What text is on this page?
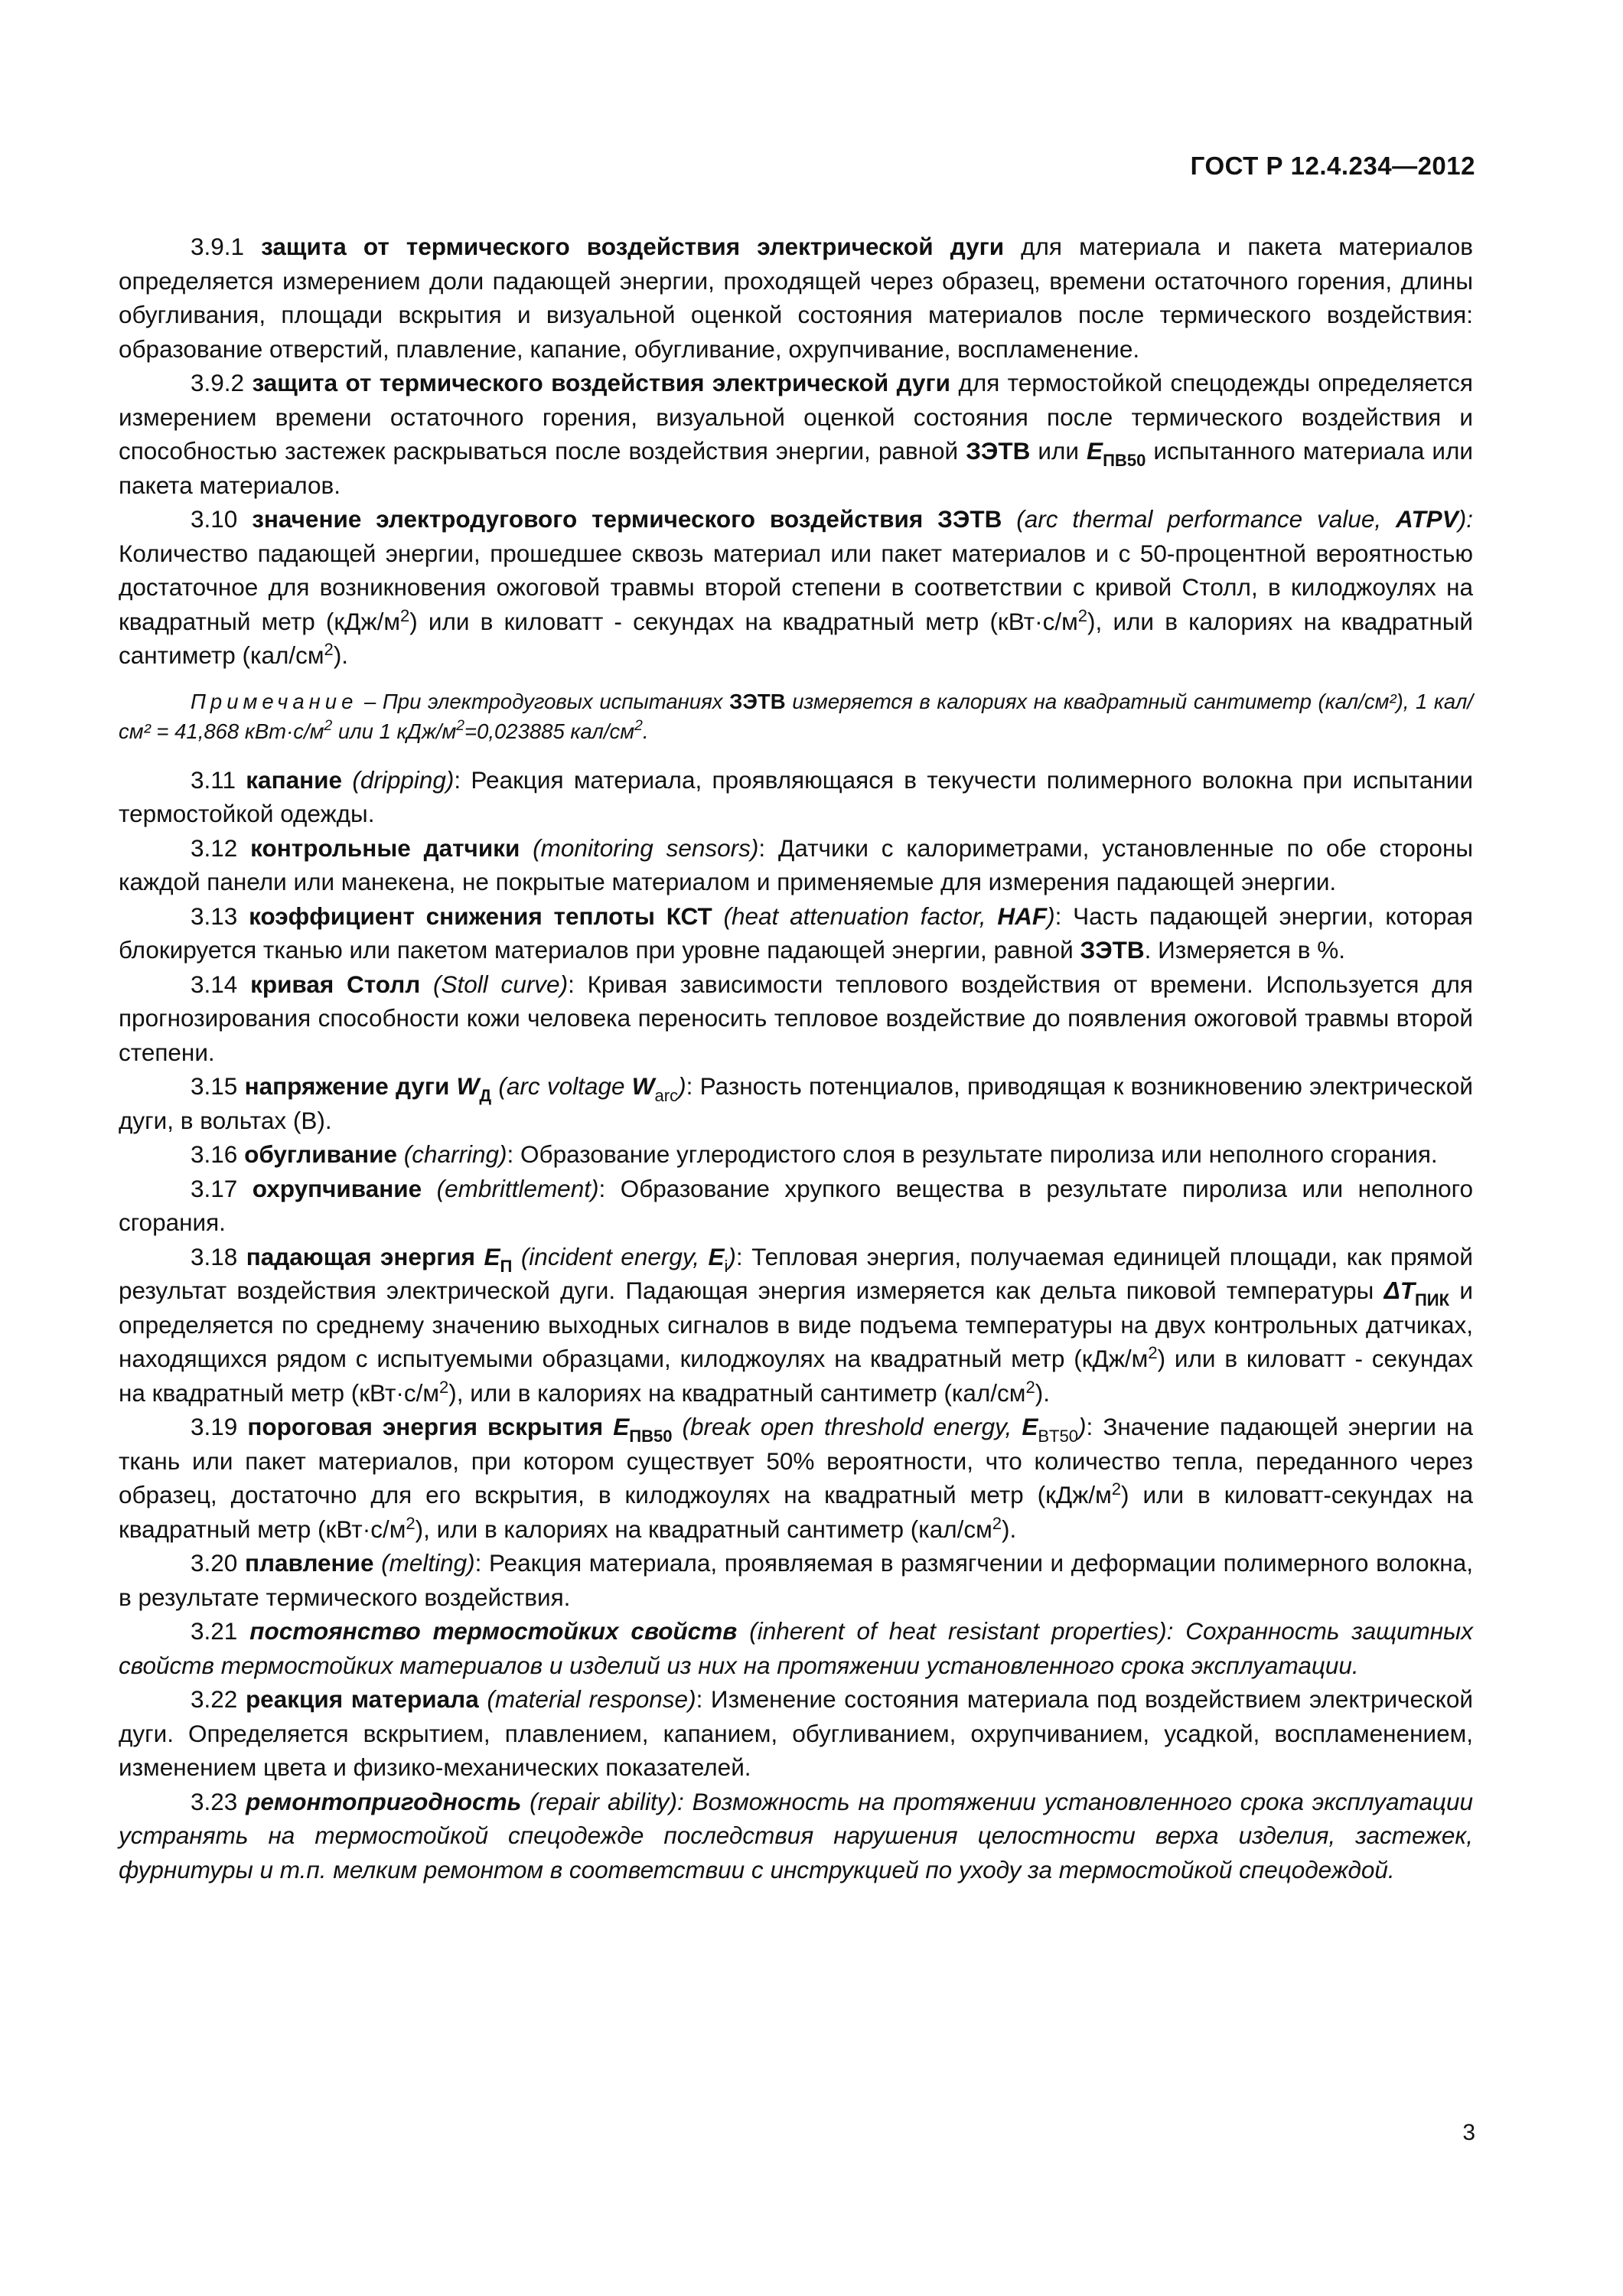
ГОСТ Р 12.4.234—2012

3.9.1 защита от термического воздействия электрической дуги для материала и пакета материалов определяется измерением доли падающей энергии, проходящей через образец, времени остаточного горения, длины обугливания, площади вскрытия и визуальной оценкой состояния материалов после термического воздействия: образование отверстий, плавление, капание, обугливание, охрупчивание, воспламенение.

3.9.2 защита от термического воздействия электрической дуги для термостойкой спецодежды определяется измерением времени остаточного горения, визуальной оценкой состояния после термического воздействия и способностью застежек раскрываться после воздействия энергии, равной ЗЭТВ или $E_{ПВ50}$ испытанного материала или пакета материалов.

3.10 значение электродугового термического воздействия ЗЭТВ (arc thermal performance value, ATPV): Количество падающей энергии, прошедшее сквозь материал или пакет материалов и с 50-процентной вероятностью достаточное для возникновения ожоговой травмы второй степени в соответствии с кривой Столл, в килоджоулях на квадратный метр $(кДж/м^2)$ или в киловатт - секундах на квадратный метр $(кВт\cdot с/м^2)$, или в калориях на квадратный сантиметр $(кал/см^2)$.

Примечание – При электродуговых испытаниях ЗЭТВ измеряется в калориях на квадратный сантиметр (кал/см²), 1 кал/см² = 41,868 $кВт\cdot с/м^2$ или 1 кДж/$м^2=0,023885$ кал/$см^2$.

3.11 капание (dripping): Реакция материала, проявляющаяся в текучести полимерного волокна при испытании термостойкой одежды.

3.12 контрольные датчики (monitoring sensors): Датчики с калориметрами, установленные по обе стороны каждой панели или манекена, не покрытые материалом и применяемые для измерения падающей энергии.

3.13 коэффициент снижения теплоты КСТ (heat attenuation factor, HAF): Часть падающей энергии, которая блокируется тканью или пакетом материалов при уровне падающей энергии, равной ЗЭТВ. Измеряется в %.

3.14 кривая Столл (Stoll curve): Кривая зависимости теплового воздействия от времени. Используется для прогнозирования способности кожи человека переносить тепловое воздействие до появления ожоговой травмы второй степени.

3.15 напряжение дуги $W_Д$ (arc voltage $W_{arc}$): Разность потенциалов, приводящая к возникновению электрической дуги, в вольтах (В).

3.16 обугливание (charring): Образование углеродистого слоя в результате пиролиза или неполного сгорания.

3.17 охрупчивание (embrittlement): Образование хрупкого вещества в результате пиролиза или неполного сгорания.

3.18 падающая энергия $E_П$ (incident energy, $E_i$): Тепловая энергия, получаемая единицей площади, как прямой результат воздействия электрической дуги. Падающая энергия измеряется как дельта пиковой температуры $\Delta T_{ПИК}$ и определяется по среднему значению выходных сигналов в виде подъема температуры на двух контрольных датчиках, находящихся рядом с испытуемыми образцами, килоджоулях на квадратный метр $(кДж/м^2)$ или в киловатт - секундах на квадратный метр $(кВт\cdot с/м^2)$, или в калориях на квадратный сантиметр $(кал/см^2)$.

3.19 пороговая энергия вскрытия $E_{ПВ50}$ (break open threshold energy, $E_{BT50}$): Значение падающей энергии на ткань или пакет материалов, при котором существует 50% вероятности, что количество тепла, переданного через образец, достаточно для его вскрытия, в килоджоулях на квадратный метр $(кДж/м^2)$ или в киловатт-секундах на квадратный метр $(кВт\cdot с/м^2)$, или в калориях на квадратный сантиметр $(кал/см^2)$.

3.20 плавление (melting): Реакция материала, проявляемая в размягчении и деформации полимерного волокна, в результате термического воздействия.

3.21 постоянство термостойких свойств (inherent of heat resistant properties): Сохранность защитных свойств термостойких материалов и изделий из них на протяжении установленного срока эксплуатации.

3.22 реакция материала (material response): Изменение состояния материала под воздействием электрической дуги. Определяется вскрытием, плавлением, капанием, обугливанием, охрупчиванием, усадкой, воспламенением, изменением цвета и физико-механических показателей.

3.23 ремонтопригодность (repair ability): Возможность на протяжении установленного срока эксплуатации устранять на термостойкой спецодежде последствия нарушения целостности верха изделия, застежек, фурнитуры и т.п. мелким ремонтом в соответствии с инструкцией по уходу за термостойкой спецодеждой.

3
